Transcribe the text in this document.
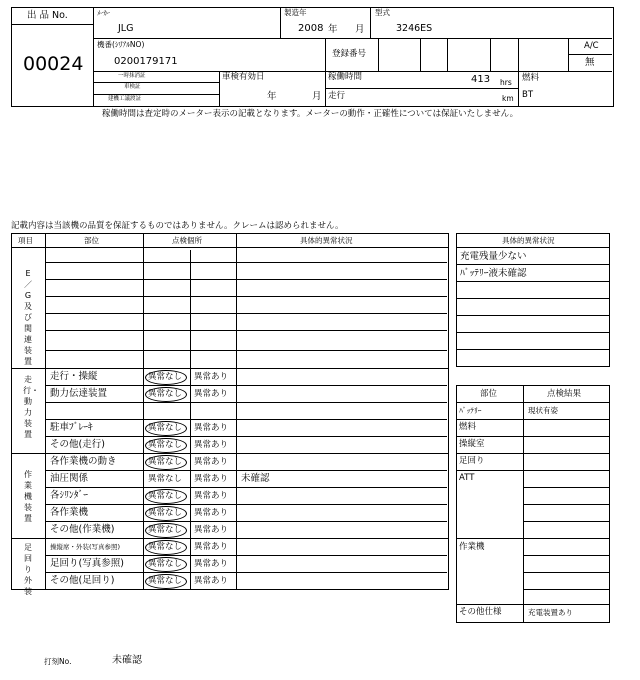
出 品 No.
00024
ﾒｰｶｰ
JLG
製造年
2008 年 月
型式
3246ES
機番(ｼﾘｱﾙNO)
0200179171
登録番号
A/C
無
一時抹消証
車検証
建機工議渡証
車検有効日
年	月
稼働時間	413 hrs
走行	km
燃料
BT
稼働時間は査定時のメーター表示の記載となります。メーターの動作・正確性については保証いたしません。
記載内容は当該機の品質を保証するものではありません。クレームは認められません。
項目	部位	点検個所	具体的異常状況
E／G及び関連装置
走行・動力装置
作業機装置
足回り外装
走行・操縦	異常なし 異常あり
動力伝達装置	異常なし 異常あり
駐車ﾌﾞﾚｰｷ	異常なし 異常あり
その他(走行)	異常なし 異常あり
各作業機の動き	異常なし 異常あり
油圧関係	異常なし 異常あり 未確認
各ｼﾘﾝﾀﾞｰ	異常なし 異常あり
各作業機	異常なし 異常あり
その他(作業機)	異常なし 異常あり
操縦席・外装(写真参照)	異常なし 異常あり
足回り(写真参照)	異常なし 異常あり
その他(足回り)	異常なし 異常あり
具体的異常状況
充電残量少ない
ﾊﾞｯﾃﾘｰ液未確認
部位	点検結果
ﾊﾞｯﾃﾘｰ	現状有姿
燃料
操縦室
足回り
ATT
作業機
その他仕様	充電装置あり
打刻No.	未確認
